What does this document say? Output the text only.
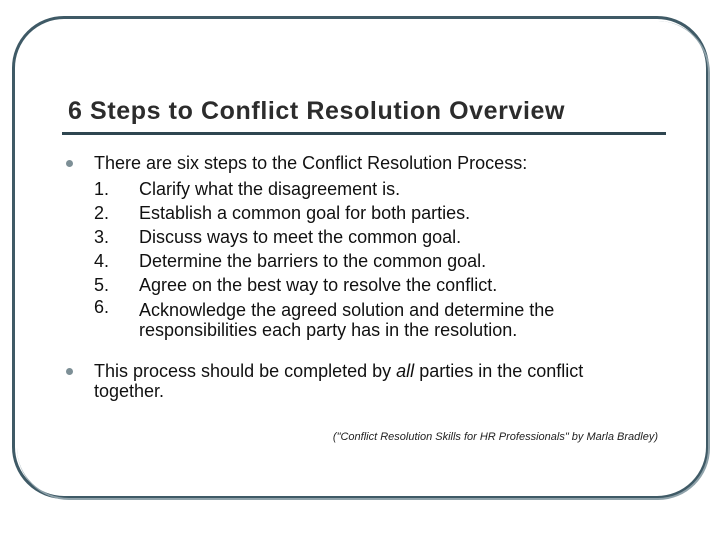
6 Steps to Conflict Resolution Overview

There are six steps to the Conflict Resolution Process:

1. Clarify what the disagreement is.
2. Establish a common goal for both parties.
3. Discuss ways to meet the common goal.
4. Determine the barriers to the common goal.
5. Agree on the best way to resolve the conflict.
6. Acknowledge the agreed solution and determine the responsibilities each party has in the resolution.

This process should be completed by all parties in the conflict together.

("Conflict Resolution Skills for HR Professionals" by Marla Bradley)
